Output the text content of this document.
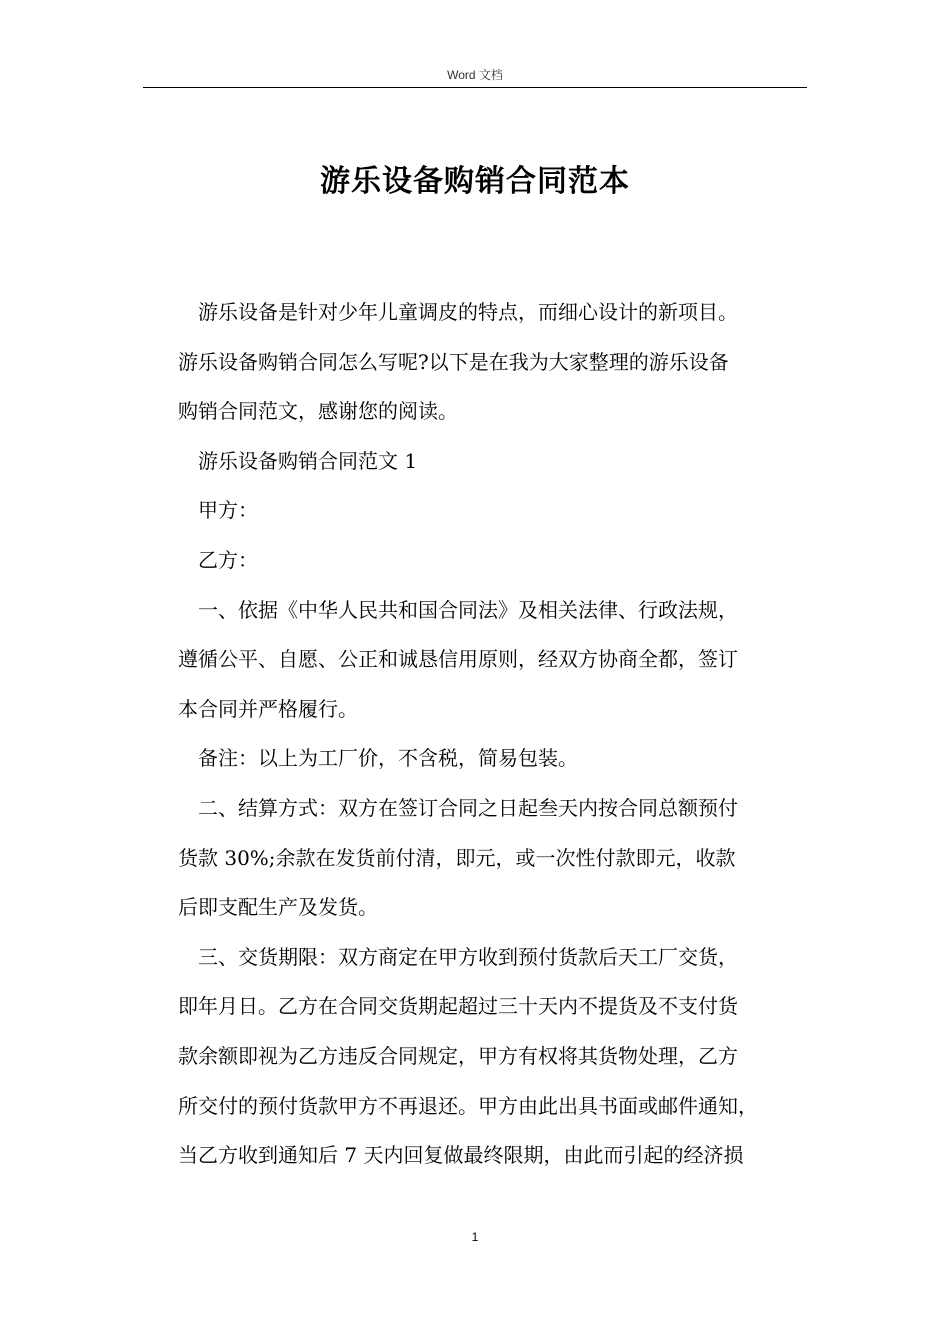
Word 文档
游乐设备购销合同范本

游乐设备是针对少年儿童调皮的特点，而细心设计的新项目。
游乐设备购销合同怎么写呢?以下是在我为大家整理的游乐设备
购销合同范文，感谢您的阅读。

游乐设备购销合同范文 1

甲方：

乙方：

一、依据《中华人民共和国合同法》及相关法律、行政法规，
遵循公平、自愿、公正和诚恳信用原则，经双方协商全都，签订
本合同并严格履行。

备注：以上为工厂价，不含税，简易包装。

二、结算方式：双方在签订合同之日起叁天内按合同总额预付
货款 30%;余款在发货前付清，即元，或一次性付款即元，收款
后即支配生产及发货。

三、交货期限：双方商定在甲方收到预付货款后天工厂交货，
即年月日。乙方在合同交货期起超过三十天内不提货及不支付货
款余额即视为乙方违反合同规定，甲方有权将其货物处理，乙方
所交付的预付货款甲方不再退还。甲方由此出具书面或邮件通知，
当乙方收到通知后 7 天内回复做最终限期，由此而引起的经济损

1
